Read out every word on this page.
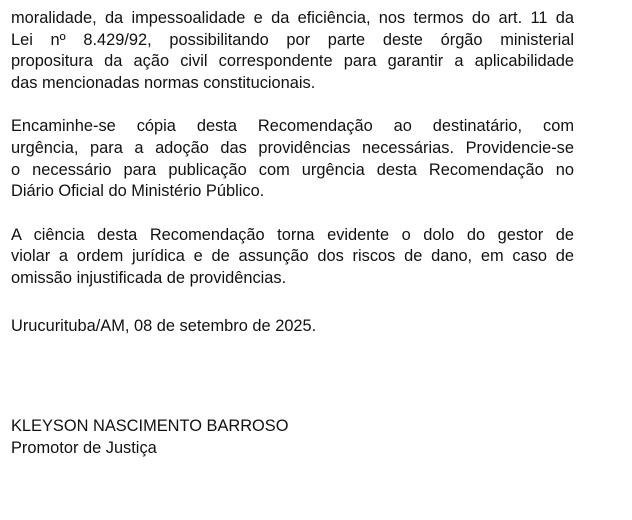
moralidade, da impessoalidade e da eficiência, nos termos do art. 11 da
Lei nº 8.429/92, possibilitando por parte deste órgão ministerial
propositura da ação civil correspondente para garantir a aplicabilidade
das mencionadas normas constitucionais.

Encaminhe-se cópia desta Recomendação ao destinatário, com
urgência, para a adoção das providências necessárias. Providencie-se
o necessário para publicação com urgência desta Recomendação no
Diário Oficial do Ministério Público.

A ciência desta Recomendação torna evidente o dolo do gestor de
violar a ordem jurídica e de assunção dos riscos de dano, em caso de
omissão injustificada de providências.

Urucurituba/AM, 08 de setembro de 2025.
KLEYSON NASCIMENTO BARROSO
Promotor de Justiça
